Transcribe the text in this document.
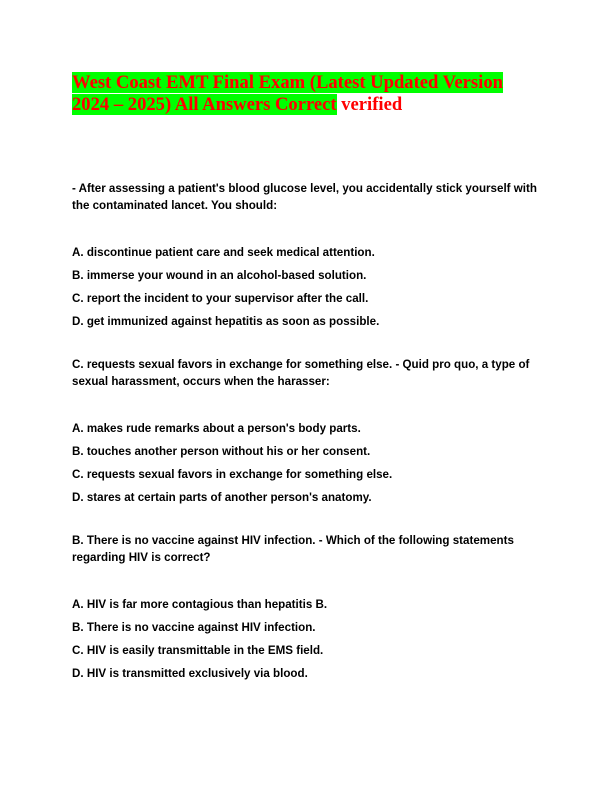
West Coast EMT Final Exam (Latest Updated Version 2024 – 2025) All Answers Correct verified

- After assessing a patient's blood glucose level, you accidentally stick yourself with the contaminated lancet. You should:

A. discontinue patient care and seek medical attention.

B. immerse your wound in an alcohol-based solution.

C. report the incident to your supervisor after the call.

D. get immunized against hepatitis as soon as possible.

C. requests sexual favors in exchange for something else. - Quid pro quo, a type of sexual harassment, occurs when the harasser:

A. makes rude remarks about a person's body parts.

B. touches another person without his or her consent.

C. requests sexual favors in exchange for something else.

D. stares at certain parts of another person's anatomy.

B. There is no vaccine against HIV infection. - Which of the following statements regarding HIV is correct?

A. HIV is far more contagious than hepatitis B.

B. There is no vaccine against HIV infection.

C. HIV is easily transmittable in the EMS field.

D. HIV is transmitted exclusively via blood.
